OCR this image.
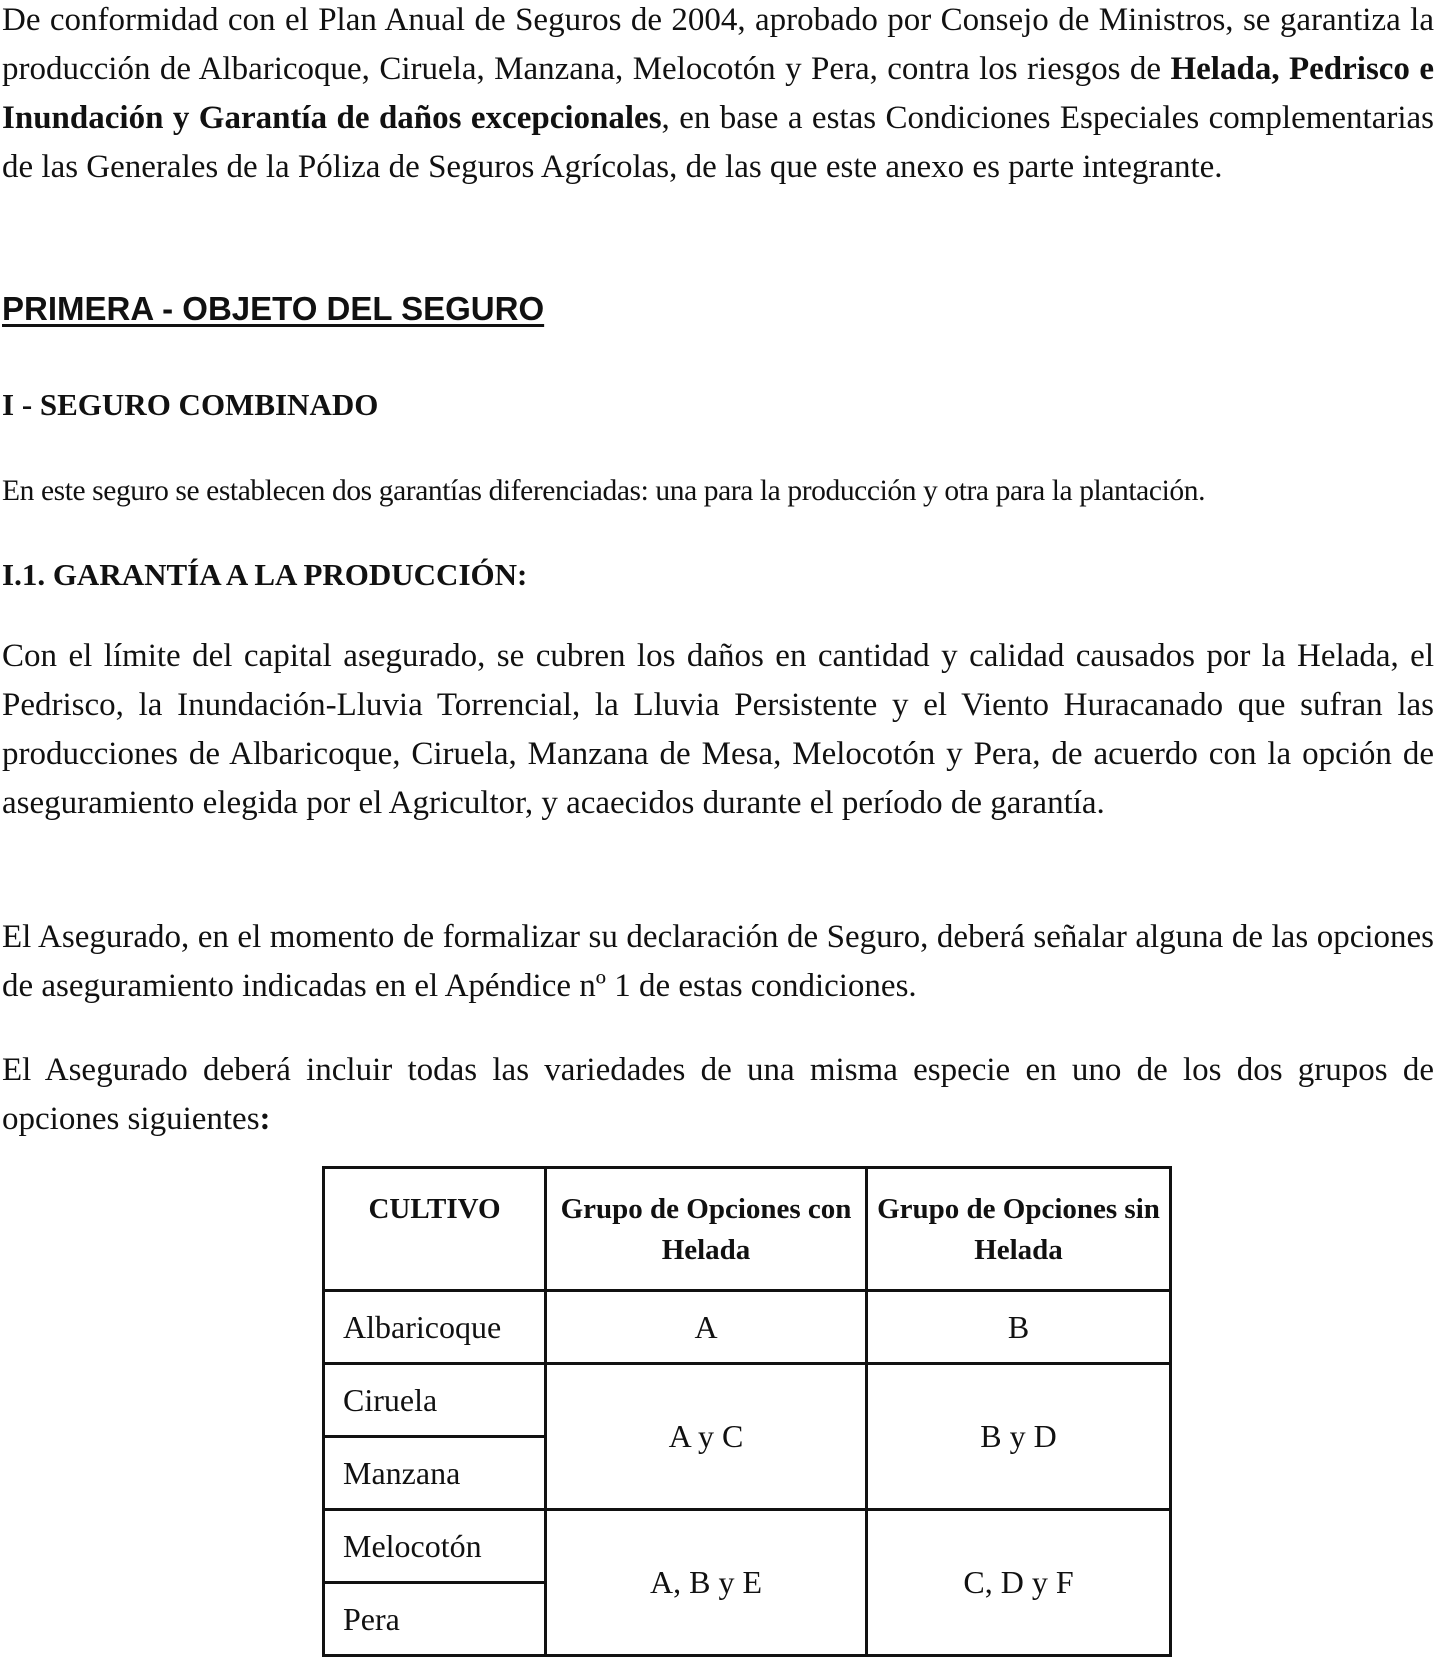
De conformidad con el Plan Anual de Seguros de 2004, aprobado por Consejo de Ministros, se garantiza la producción de Albaricoque, Ciruela, Manzana, Melocotón y Pera, contra los riesgos de Helada, Pedrisco e Inundación y Garantía de daños excepcionales, en base a estas Condiciones Especiales complementarias de las Generales de la Póliza de Seguros Agrícolas, de las que este anexo es parte integrante.

PRIMERA - OBJETO DEL SEGURO
I - SEGURO COMBINADO

En este seguro se establecen dos garantías diferenciadas: una para la producción y otra para la plantación.

I.1. GARANTÍA A LA PRODUCCIÓN:

Con el límite del capital asegurado, se cubren los daños en cantidad y calidad causados por la Helada, el Pedrisco, la Inundación-Lluvia Torrencial, la Lluvia Persistente y el Viento Huracanado que sufran las producciones de Albaricoque, Ciruela, Manzana de Mesa, Melocotón y Pera, de acuerdo con la opción de aseguramiento elegida por el Agricultor, y acaecidos durante el período de garantía.

El Asegurado, en el momento de formalizar su declaración de Seguro, deberá señalar alguna de las opciones de aseguramiento indicadas en el Apéndice nº 1 de estas condiciones.

El Asegurado deberá incluir todas las variedades de una misma especie en uno de los dos grupos de opciones siguientes:

CULTIVO	Grupo de Opciones con Helada	Grupo de Opciones sin Helada
Albaricoque	A	B
Ciruela	A y C	B y D
Manzana		
Melocotón	A, B y E	C, D y F
Pera		
